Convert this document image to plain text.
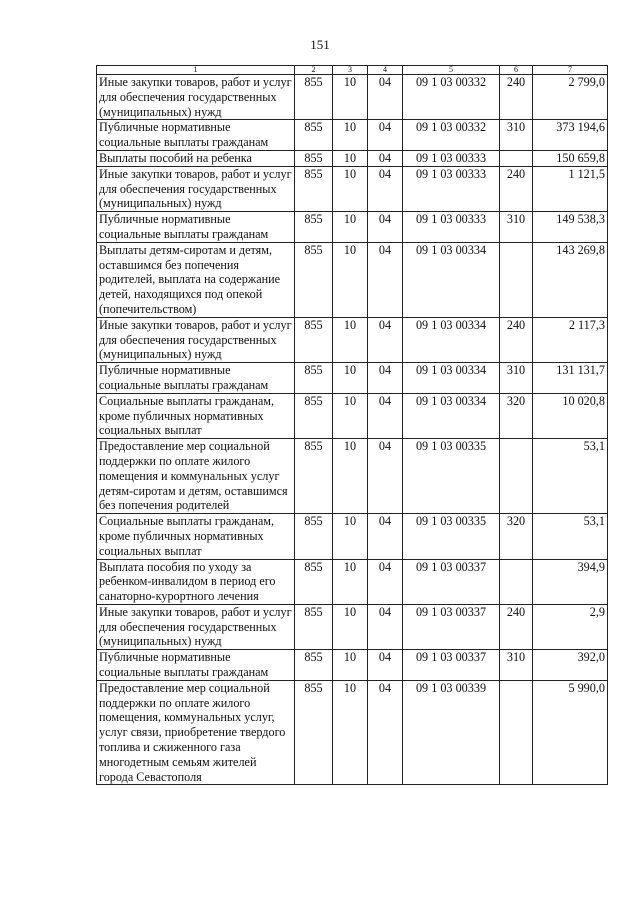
151
1	2	3	4	5	6	7
Иные закупки товаров, работ и услуг для обеспечения государственных (муниципальных) нужд	855	10	04	09 1 03 00332	240	2 799,0
Публичные нормативные социальные выплаты гражданам	855	10	04	09 1 03 00332	310	373 194,6
Выплаты пособий на ребенка	855	10	04	09 1 03 00333		150 659,8
Иные закупки товаров, работ и услуг для обеспечения государственных (муниципальных) нужд	855	10	04	09 1 03 00333	240	1 121,5
Публичные нормативные социальные выплаты гражданам	855	10	04	09 1 03 00333	310	149 538,3
Выплаты детям-сиротам и детям, оставшимся без попечения родителей, выплата на содержание детей, находящихся под опекой (попечительством)	855	10	04	09 1 03 00334		143 269,8
Иные закупки товаров, работ и услуг для обеспечения государственных (муниципальных) нужд	855	10	04	09 1 03 00334	240	2 117,3
Публичные нормативные социальные выплаты гражданам	855	10	04	09 1 03 00334	310	131 131,7
Социальные выплаты гражданам, кроме публичных нормативных социальных выплат	855	10	04	09 1 03 00334	320	10 020,8
Предоставление мер социальной поддержки по оплате жилого помещения и коммунальных услуг детям-сиротам и детям, оставшимся без попечения родителей	855	10	04	09 1 03 00335		53,1
Социальные выплаты гражданам, кроме публичных нормативных социальных выплат	855	10	04	09 1 03 00335	320	53,1
Выплата пособия по уходу за ребенком-инвалидом в период его санаторно-курортного лечения	855	10	04	09 1 03 00337		394,9
Иные закупки товаров, работ и услуг для обеспечения государственных (муниципальных) нужд	855	10	04	09 1 03 00337	240	2,9
Публичные нормативные социальные выплаты гражданам	855	10	04	09 1 03 00337	310	392,0
Предоставление мер социальной поддержки по оплате жилого помещения, коммунальных услуг, услуг связи, приобретение твердого топлива и сжиженного газа многодетным семьям жителей города Севастополя	855	10	04	09 1 03 00339		5 990,0
